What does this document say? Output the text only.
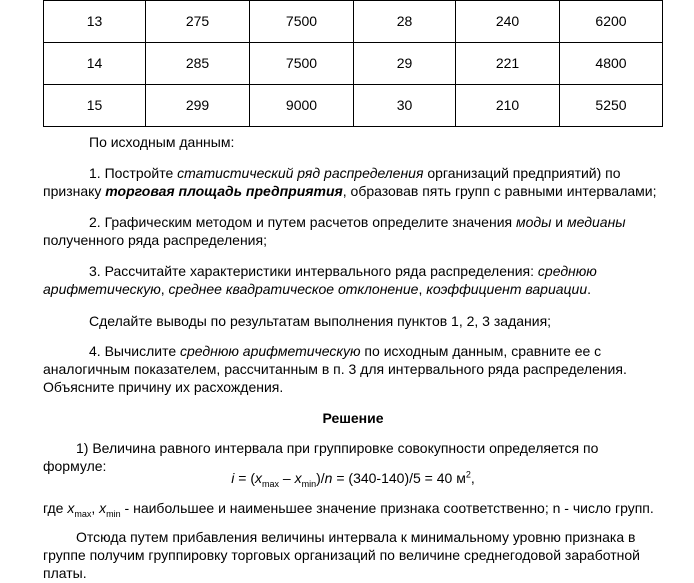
13	275	7500	28	240	6200
14	285	7500	29	221	4800
15	299	9000	30	210	5250

По исходным данным:

1. Постройте статистический ряд распределения организаций предприятий) по признаку торговая площадь предприятия, образовав пять групп с равными интервалами;

2. Графическим методом и путем расчетов определите значения моды и медианы полученного ряда распределения;

3. Рассчитайте характеристики интервального ряда распределения: среднюю арифметическую, среднее квадратическое отклонение, коэффициент вариации.

Сделайте выводы по результатам выполнения пунктов 1, 2, 3 задания;

4. Вычислите среднюю арифметическую по исходным данным, сравните ее с аналогичным показателем, рассчитанным в п. 3 для интервального ряда распределения. Объясните причину их расхождения.

Решение

1) Величина равного интервала при группировке совокупности определяется по формуле:

$i = (x_{max} - x_{min})/n = (340-140)/5 = 40$ $м^2$,

где $x_{max}$, $x_{min}$ - наибольшее и наименьшее значение признака соответственно; n - число групп.

Отсюда путем прибавления величины интервала к минимальному уровню признака в группе получим группировку торговых организаций по величине среднегодовой заработной платы.
